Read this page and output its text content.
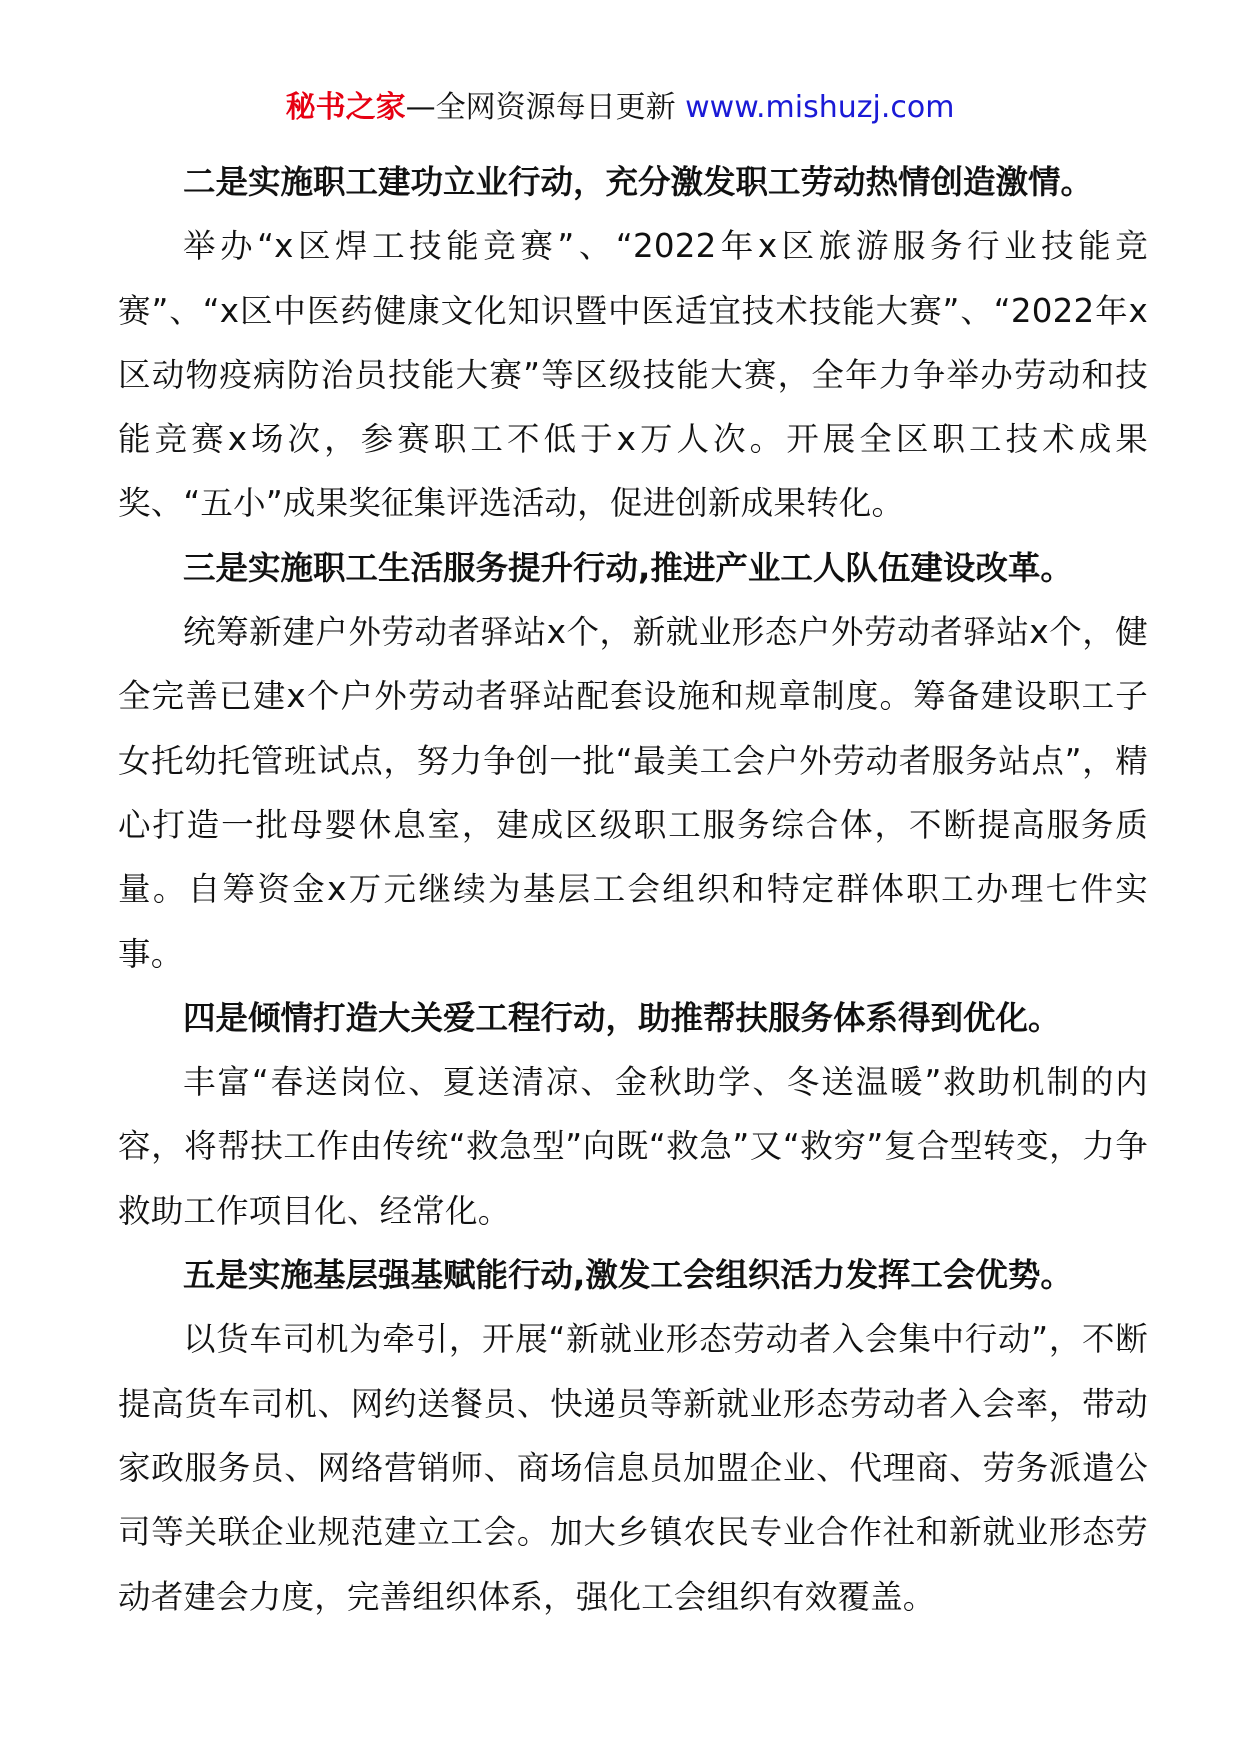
秘书之家—全网资源每日更新 www.mishuzj.com

二是实施职工建功立业行动，充分激发职工劳动热情创造激情。

举办“x区焊工技能竞赛”、“2022年x区旅游服务行业技能竞赛”、“x区中医药健康文化知识暨中医适宜技术技能大赛”、“2022年x区动物疫病防治员技能大赛”等区级技能大赛，全年力争举办劳动和技能竞赛x场次，参赛职工不低于x万人次。开展全区职工技术成果奖、“五小”成果奖征集评选活动，促进创新成果转化。

三是实施职工生活服务提升行动,推进产业工人队伍建设改革。

统筹新建户外劳动者驿站x个，新就业形态户外劳动者驿站x个，健全完善已建x个户外劳动者驿站配套设施和规章制度。筹备建设职工子女托幼托管班试点，努力争创一批“最美工会户外劳动者服务站点”，精心打造一批母婴休息室，建成区级职工服务综合体，不断提高服务质量。自筹资金x万元继续为基层工会组织和特定群体职工办理七件实事。

四是倾情打造大关爱工程行动，助推帮扶服务体系得到优化。

丰富“春送岗位、夏送清凉、金秋助学、冬送温暖”救助机制的内容，将帮扶工作由传统“救急型”向既“救急”又“救穷”复合型转变，力争救助工作项目化、经常化。

五是实施基层强基赋能行动,激发工会组织活力发挥工会优势。

以货车司机为牵引，开展“新就业形态劳动者入会集中行动”，不断提高货车司机、网约送餐员、快递员等新就业形态劳动者入会率，带动家政服务员、网络营销师、商场信息员加盟企业、代理商、劳务派遣公司等关联企业规范建立工会。加大乡镇农民专业合作社和新就业形态劳动者建会力度，完善组织体系，强化工会组织有效覆盖。
